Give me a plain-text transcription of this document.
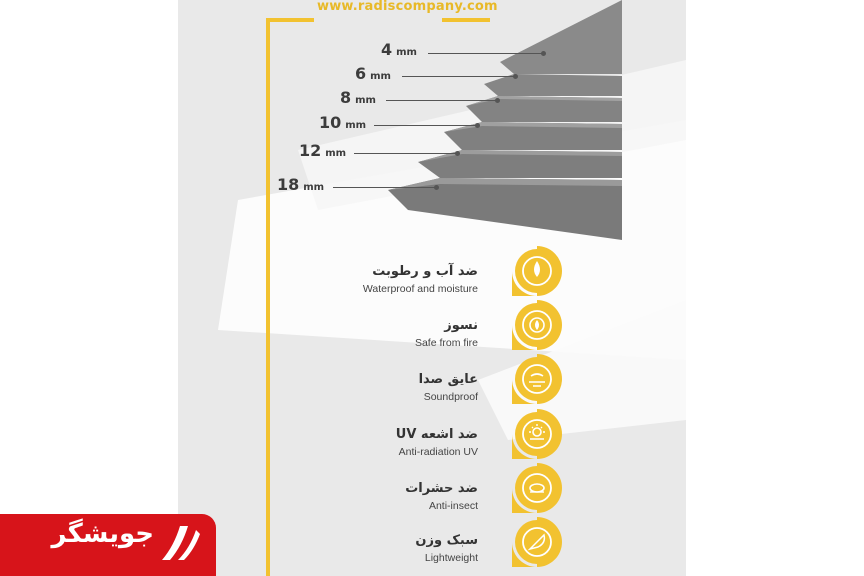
www.radiscompany.com
4 mm
6 mm
8 mm
10 mm
12 mm
18 mm
ضد آب و رطوبت
Waterproof and moisture
نسوز
Safe from fire
عایق صدا
Soundproof
ضد اشعه UV
Anti-radiation UV
ضد حشرات
Anti-insect
سبک وزن
Lightweight
جویشگر
